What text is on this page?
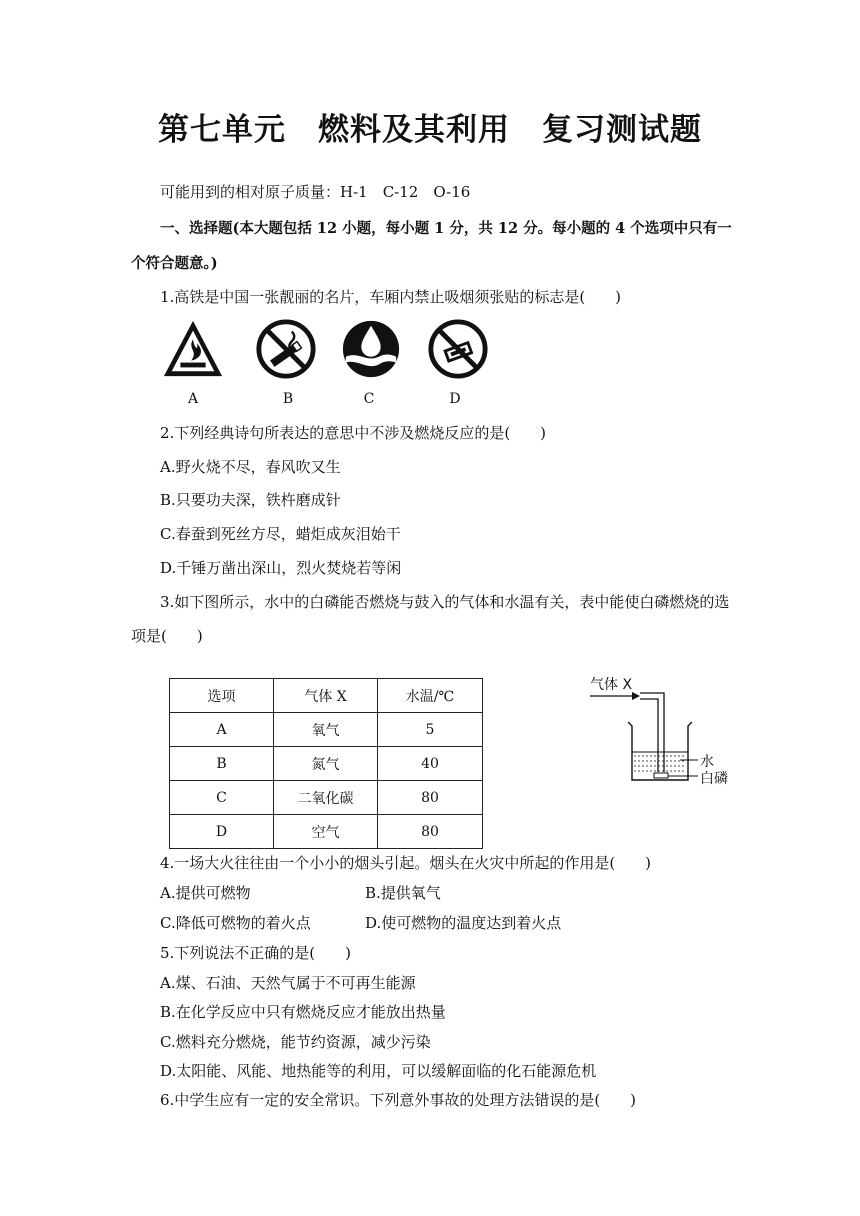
第七单元　燃料及其利用　复习测试题
可能用到的相对原子质量：H-1　C-12　O-16
一、选择题(本大题包括 12 小题，每小题 1 分，共 12 分。每小题的 4 个选项中只有一
个符合题意。)
1.高铁是中国一张靓丽的名片，车厢内禁止吸烟须张贴的标志是(　　)
A	B	C	D
2.下列经典诗句所表达的意思中不涉及燃烧反应的是(　　)
A.野火烧不尽，春风吹又生
B.只要功夫深，铁杵磨成针
C.春蚕到死丝方尽，蜡炬成灰泪始干
D.千锤万凿出深山，烈火焚烧若等闲
3.如下图所示，水中的白磷能否燃烧与鼓入的气体和水温有关，表中能使白磷燃烧的选
项是(　　)
选项	气体 X	水温/℃
A	氧气	5
B	氮气	40
C	二氧化碳	80
D	空气	80
气体 X
水
白磷
4.一场大火往往由一个小小的烟头引起。烟头在火灾中所起的作用是(　　)
A.提供可燃物	B.提供氧气
C.降低可燃物的着火点	D.使可燃物的温度达到着火点
5.下列说法不正确的是(　　)
A.煤、石油、天然气属于不可再生能源
B.在化学反应中只有燃烧反应才能放出热量
C.燃料充分燃烧，能节约资源，减少污染
D.太阳能、风能、地热能等的利用，可以缓解面临的化石能源危机
6.中学生应有一定的安全常识。下列意外事故的处理方法错误的是(　　)
